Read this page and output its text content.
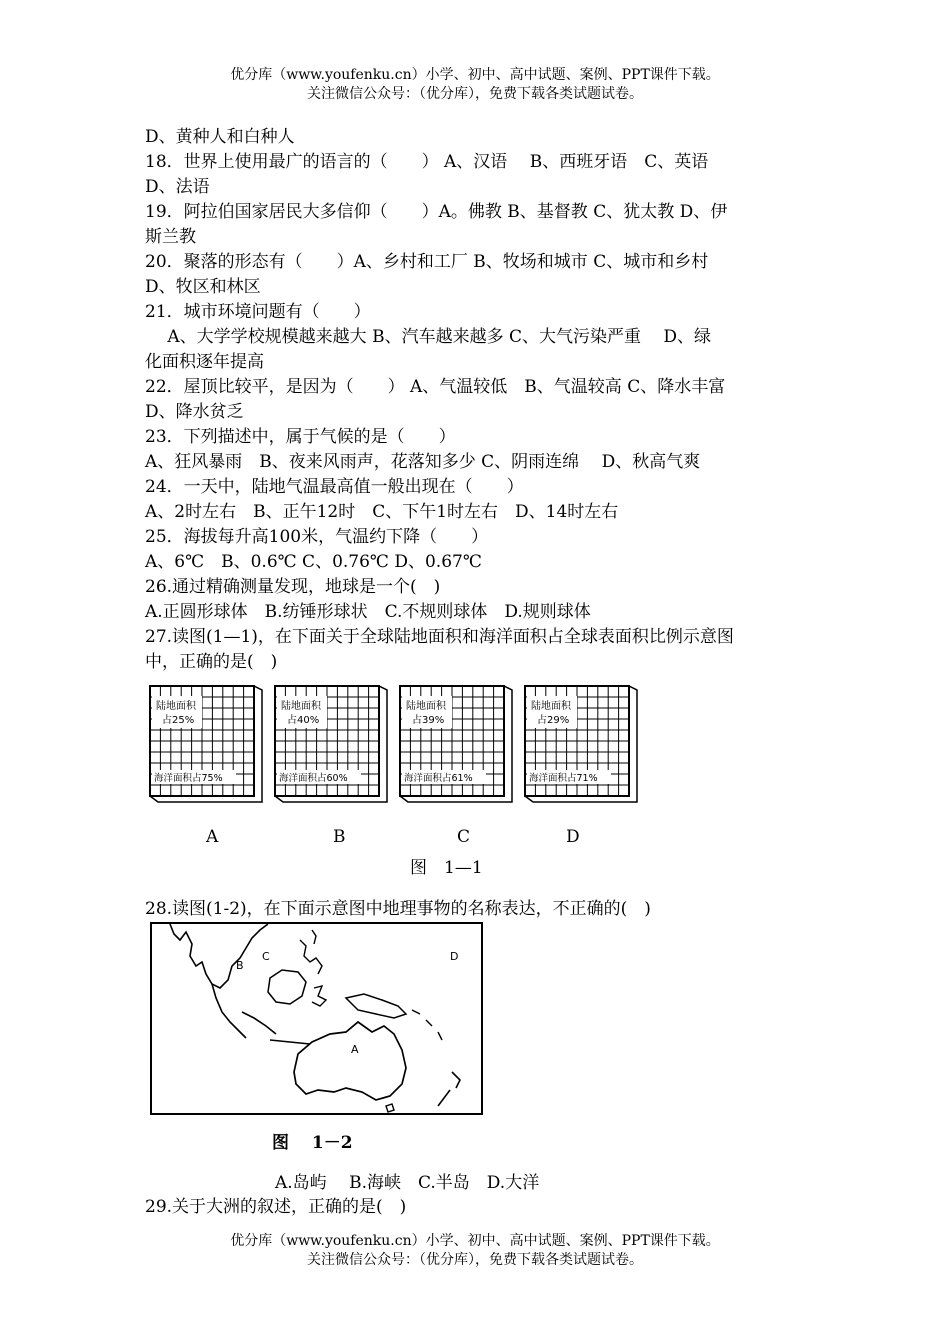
优分库（www.youfenku.cn）小学、初中、高中试题、案例、PPT课件下载。
关注微信公众号：（优分库），免费下载各类试题试卷。
D、黄种人和白种人
18．世界上使用最广的语言的（　　） A、汉语　 B、西班牙语　C、英语
D、法语
19．阿拉伯国家居民大多信仰（　　）A。佛教 B、基督教 C、犹太教 D、伊
斯兰教
20．聚落的形态有（　　）A、乡村和工厂 B、牧场和城市 C、城市和乡村
D、牧区和林区
21．城市环境问题有（　　）
　 A、大学学校规模越来越大 B、汽车越来越多 C、大气污染严重　 D、绿
化面积逐年提高
22．屋顶比较平，是因为（　　） A、气温较低　B、气温较高 C、降水丰富
D、降水贫乏
23．下列描述中，属于气候的是（　　）
A、狂风暴雨　B、夜来风雨声，花落知多少 C、阴雨连绵　 D、秋高气爽
24．一天中，陆地气温最高值一般出现在（　　）
A、2时左右　B、正午12时　C、下午1时左右　D、14时左右
25．海拔每升高100米，气温约下降（　　）
A、6℃　B、0.6℃ C、0.76℃ D、0.67℃
26.通过精确测量发现，地球是一个(　)
A.正圆形球体　B.纺锤形球状　C.不规则球体　D.规则球体
27.读图(1—1)，在下面关于全球陆地面积和海洋面积占全球表面积比例示意图
中，正确的是(　)
陆地面积
占25%
海洋面积占75%
陆地面积
占40%
海洋面积占60%
陆地面积
占39%
海洋面积占61%
陆地面积
占29%
海洋面积占71%
A	B	C	D
图　1—1
28.读图(1-2)，在下面示意图中地理事物的名称表达，不正确的(　)
B
C	D
A
图　 1－2
A.岛屿　 B.海峡　C.半岛　D.大洋
29.关于大洲的叙述，正确的是(　)
优分库（www.youfenku.cn）小学、初中、高中试题、案例、PPT课件下载。
关注微信公众号：（优分库），免费下载各类试题试卷。
